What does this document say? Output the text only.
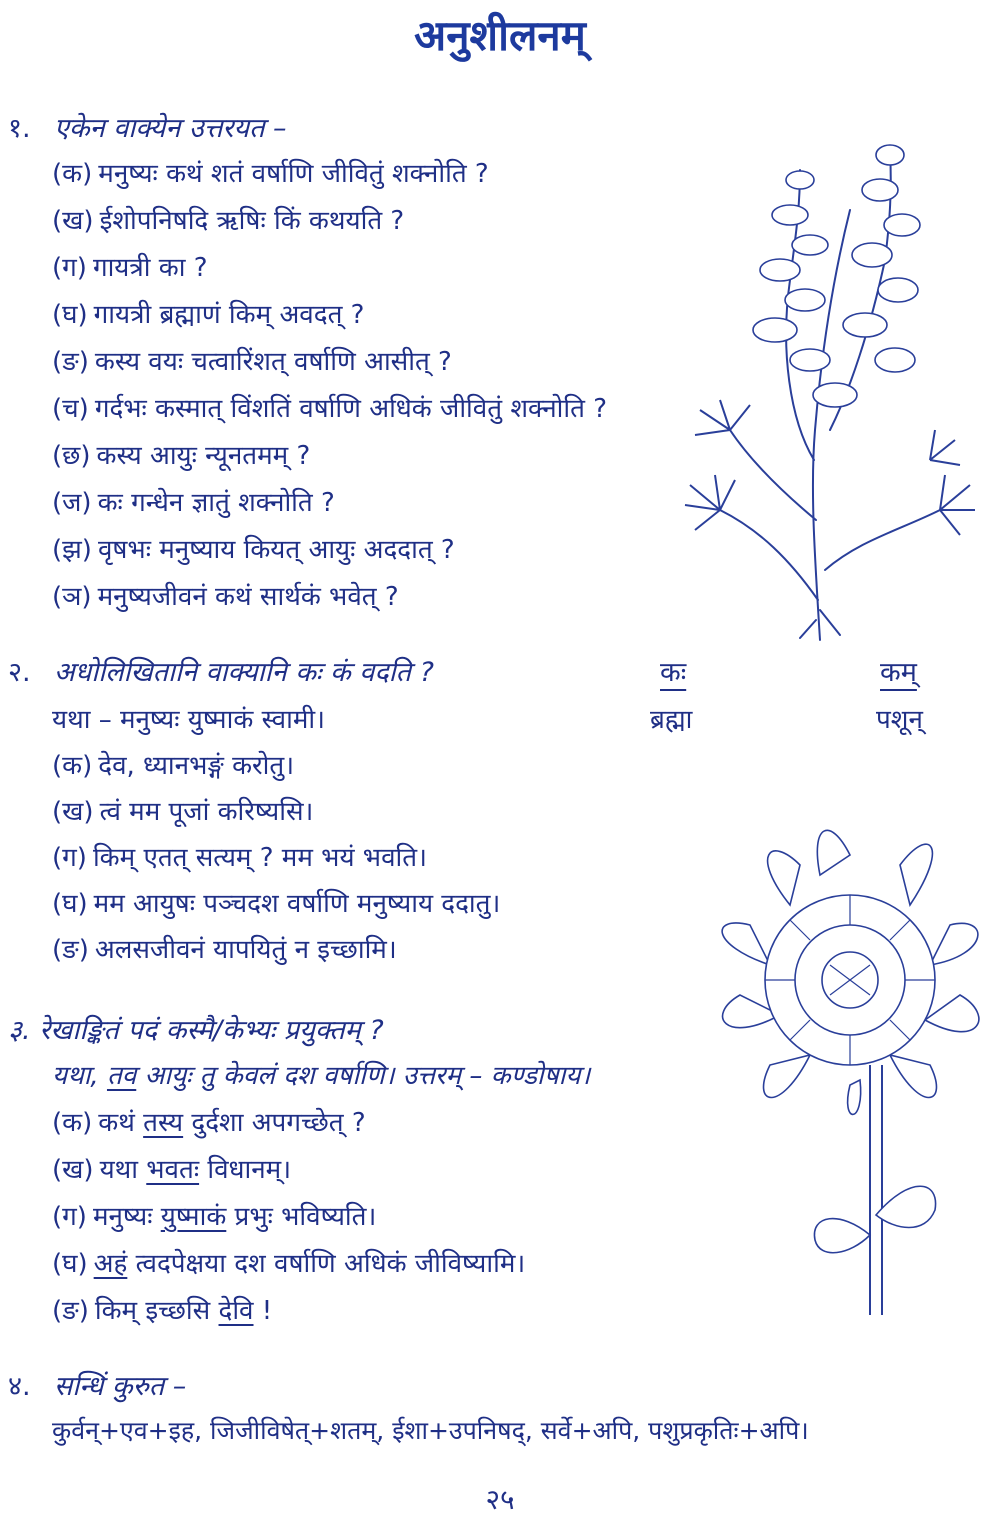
अनुशीलनम्
१. एकेन वाक्येन उत्तरयत –
(क) मनुष्यः कथं शतं वर्षाणि जीवितुं शक्नोति ?
(ख) ईशोपनिषदि ऋषिः किं कथयति ?
(ग) गायत्री का ?
(घ) गायत्री ब्रह्माणं किम् अवदत् ?
(ङ) कस्य वयः चत्वारिंशत् वर्षाणि आसीत् ?
(च) गर्दभः कस्मात् विंशतिं वर्षाणि अधिकं जीवितुं शक्नोति ?
(छ) कस्य आयुः न्यूनतमम् ?
(ज) कः गन्धेन ज्ञातुं शक्नोति ?
(झ) वृषभः मनुष्याय कियत् आयुः अददात् ?
(ञ) मनुष्यजीवनं कथं सार्थकं भवेत् ?
२. अधोलिखितानि वाक्यानि कः कं वदति ?	कः	कम्
यथा – मनुष्यः युष्माकं स्वामी।	ब्रह्मा	पशून्
(क) देव, ध्यानभङ्गं करोतु।
(ख) त्वं मम पूजां करिष्यसि।
(ग) किम् एतत् सत्यम् ? मम भयं भवति।
(घ) मम आयुषः पञ्चदश वर्षाणि मनुष्याय ददातु।
(ङ) अलसजीवनं यापयितुं न इच्छामि।
३. रेखाङ्कितं पदं कस्मै/केभ्यः प्रयुक्तम् ?
यथा, तव आयुः तु केवलं दश वर्षाणि। उत्तरम् – कण्डोषाय।
(क) कथं तस्य दुर्दशा अपगच्छेत् ?
(ख) यथा भवतः विधानम्।
(ग) मनुष्यः युष्माकं प्रभुः भविष्यति।
(घ) अहं त्वदपेक्षया दश वर्षाणि अधिकं जीविष्यामि।
(ङ) किम् इच्छसि देवि !
४. सन्धिं कुरुत –
कुर्वन्+एव+इह, जिजीविषेत्+शतम्, ईशा+उपनिषद्, सर्वे+अपि, पशुप्रकृतिः+अपि।
२५
